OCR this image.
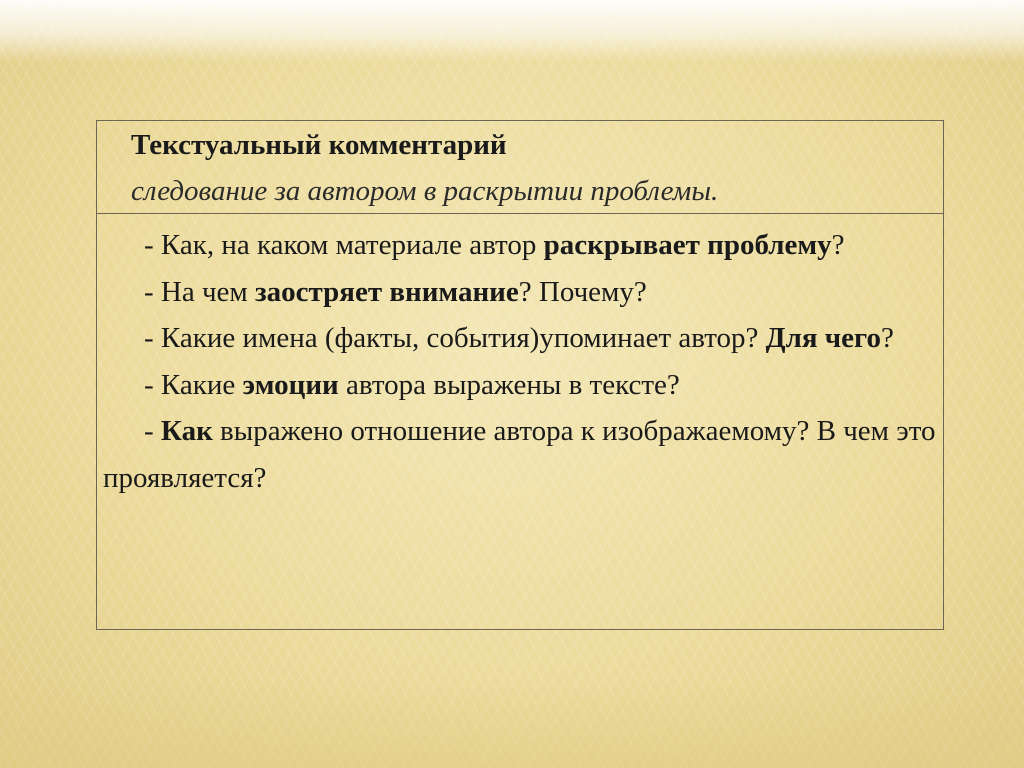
Текстуальный комментарий
следование за автором в раскрытии проблемы.

- Как, на каком материале автор раскрывает проблему?

- На чем заостряет внимание? Почему?

- Какие имена (факты, события)упоминает автор? Для чего?

- Какие эмоции автора выражены в тексте?

- Как выражено отношение автора к изображаемому? В чем это проявляется?
